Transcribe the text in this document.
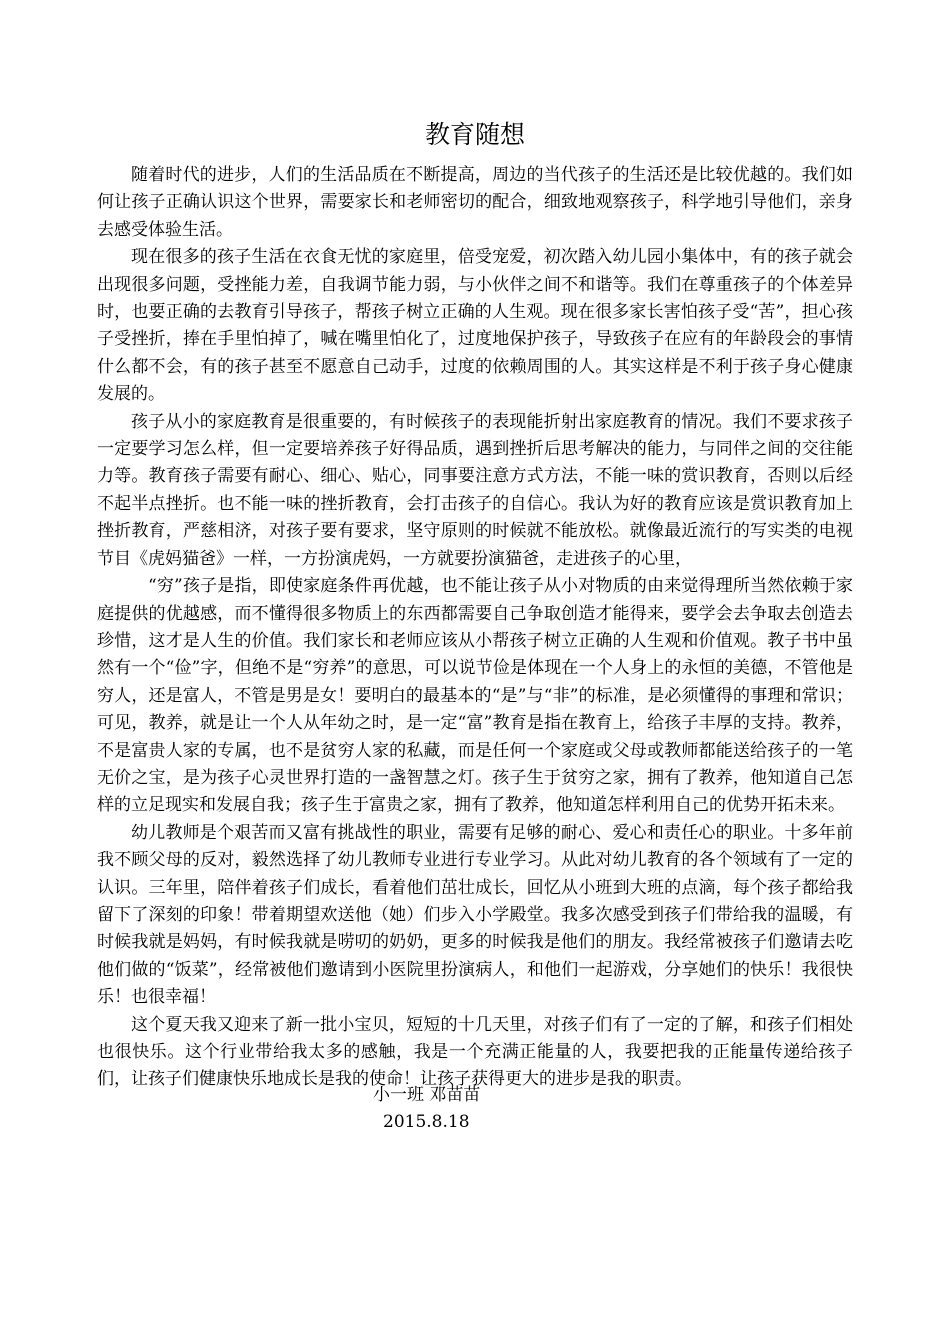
教育随想

随着时代的进步，人们的生活品质在不断提高，周边的当代孩子的生活还是比较优越的。我们如何让孩子正确认识这个世界，需要家长和老师密切的配合，细致地观察孩子，科学地引导他们，亲身去感受体验生活。

现在很多的孩子生活在衣食无忧的家庭里，倍受宠爱，初次踏入幼儿园小集体中，有的孩子就会出现很多问题，受挫能力差，自我调节能力弱，与小伙伴之间不和谐等。我们在尊重孩子的个体差异时，也要正确的去教育引导孩子，帮孩子树立正确的人生观。现在很多家长害怕孩子受“苦”，担心孩子受挫折，捧在手里怕掉了，喊在嘴里怕化了，过度地保护孩子，导致孩子在应有的年龄段会的事情什么都不会，有的孩子甚至不愿意自己动手，过度的依赖周围的人。其实这样是不利于孩子身心健康发展的。

孩子从小的家庭教育是很重要的，有时候孩子的表现能折射出家庭教育的情况。我们不要求孩子一定要学习怎么样，但一定要培养孩子好得品质，遇到挫折后思考解决的能力，与同伴之间的交往能力等。教育孩子需要有耐心、细心、贴心，同事要注意方式方法，不能一味的赏识教育，否则以后经不起半点挫折。也不能一味的挫折教育，会打击孩子的自信心。我认为好的教育应该是赏识教育加上挫折教育，严慈相济，对孩子要有要求，坚守原则的时候就不能放松。就像最近流行的写实类的电视节目《虎妈猫爸》一样，一方扮演虎妈，一方就要扮演猫爸，走进孩子的心里，

“穷”孩子是指，即使家庭条件再优越，也不能让孩子从小对物质的由来觉得理所当然依赖于家庭提供的优越感，而不懂得很多物质上的东西都需要自己争取创造才能得来，要学会去争取去创造去珍惜，这才是人生的价值。我们家长和老师应该从小帮孩子树立正确的人生观和价值观。教子书中虽然有一个“俭”字，但绝不是“穷养”的意思，可以说节俭是体现在一个人身上的永恒的美德，不管他是穷人，还是富人，不管是男是女！要明白的最基本的“是”与“非”的标准，是必须懂得的事理和常识；可见，教养，就是让一个人从年幼之时，是一定“富”教育是指在教育上，给孩子丰厚的支持。教养，不是富贵人家的专属，也不是贫穷人家的私藏，而是任何一个家庭或父母或教师都能送给孩子的一笔无价之宝，是为孩子心灵世界打造的一盏智慧之灯。孩子生于贫穷之家，拥有了教养，他知道自己怎样的立足现实和发展自我；孩子生于富贵之家，拥有了教养，他知道怎样利用自己的优势开拓未来。

幼儿教师是个艰苦而又富有挑战性的职业，需要有足够的耐心、爱心和责任心的职业。十多年前我不顾父母的反对，毅然选择了幼儿教师专业进行专业学习。从此对幼儿教育的各个领域有了一定的认识。三年里，陪伴着孩子们成长，看着他们茁壮成长，回忆从小班到大班的点滴，每个孩子都给我留下了深刻的印象！带着期望欢送他（她）们步入小学殿堂。我多次感受到孩子们带给我的温暖，有时候我就是妈妈，有时候我就是唠叨的奶奶，更多的时候我是他们的朋友。我经常被孩子们邀请去吃他们做的“饭菜”，经常被他们邀请到小医院里扮演病人，和他们一起游戏，分享她们的快乐！我很快乐！也很幸福！

这个夏天我又迎来了新一批小宝贝，短短的十几天里，对孩子们有了一定的了解，和孩子们相处也很快乐。这个行业带给我太多的感触，我是一个充满正能量的人，我要把我的正能量传递给孩子们，让孩子们健康快乐地成长是我的使命！让孩子获得更大的进步是我的职责。

小一班 邓苗苗
2015.8.18
